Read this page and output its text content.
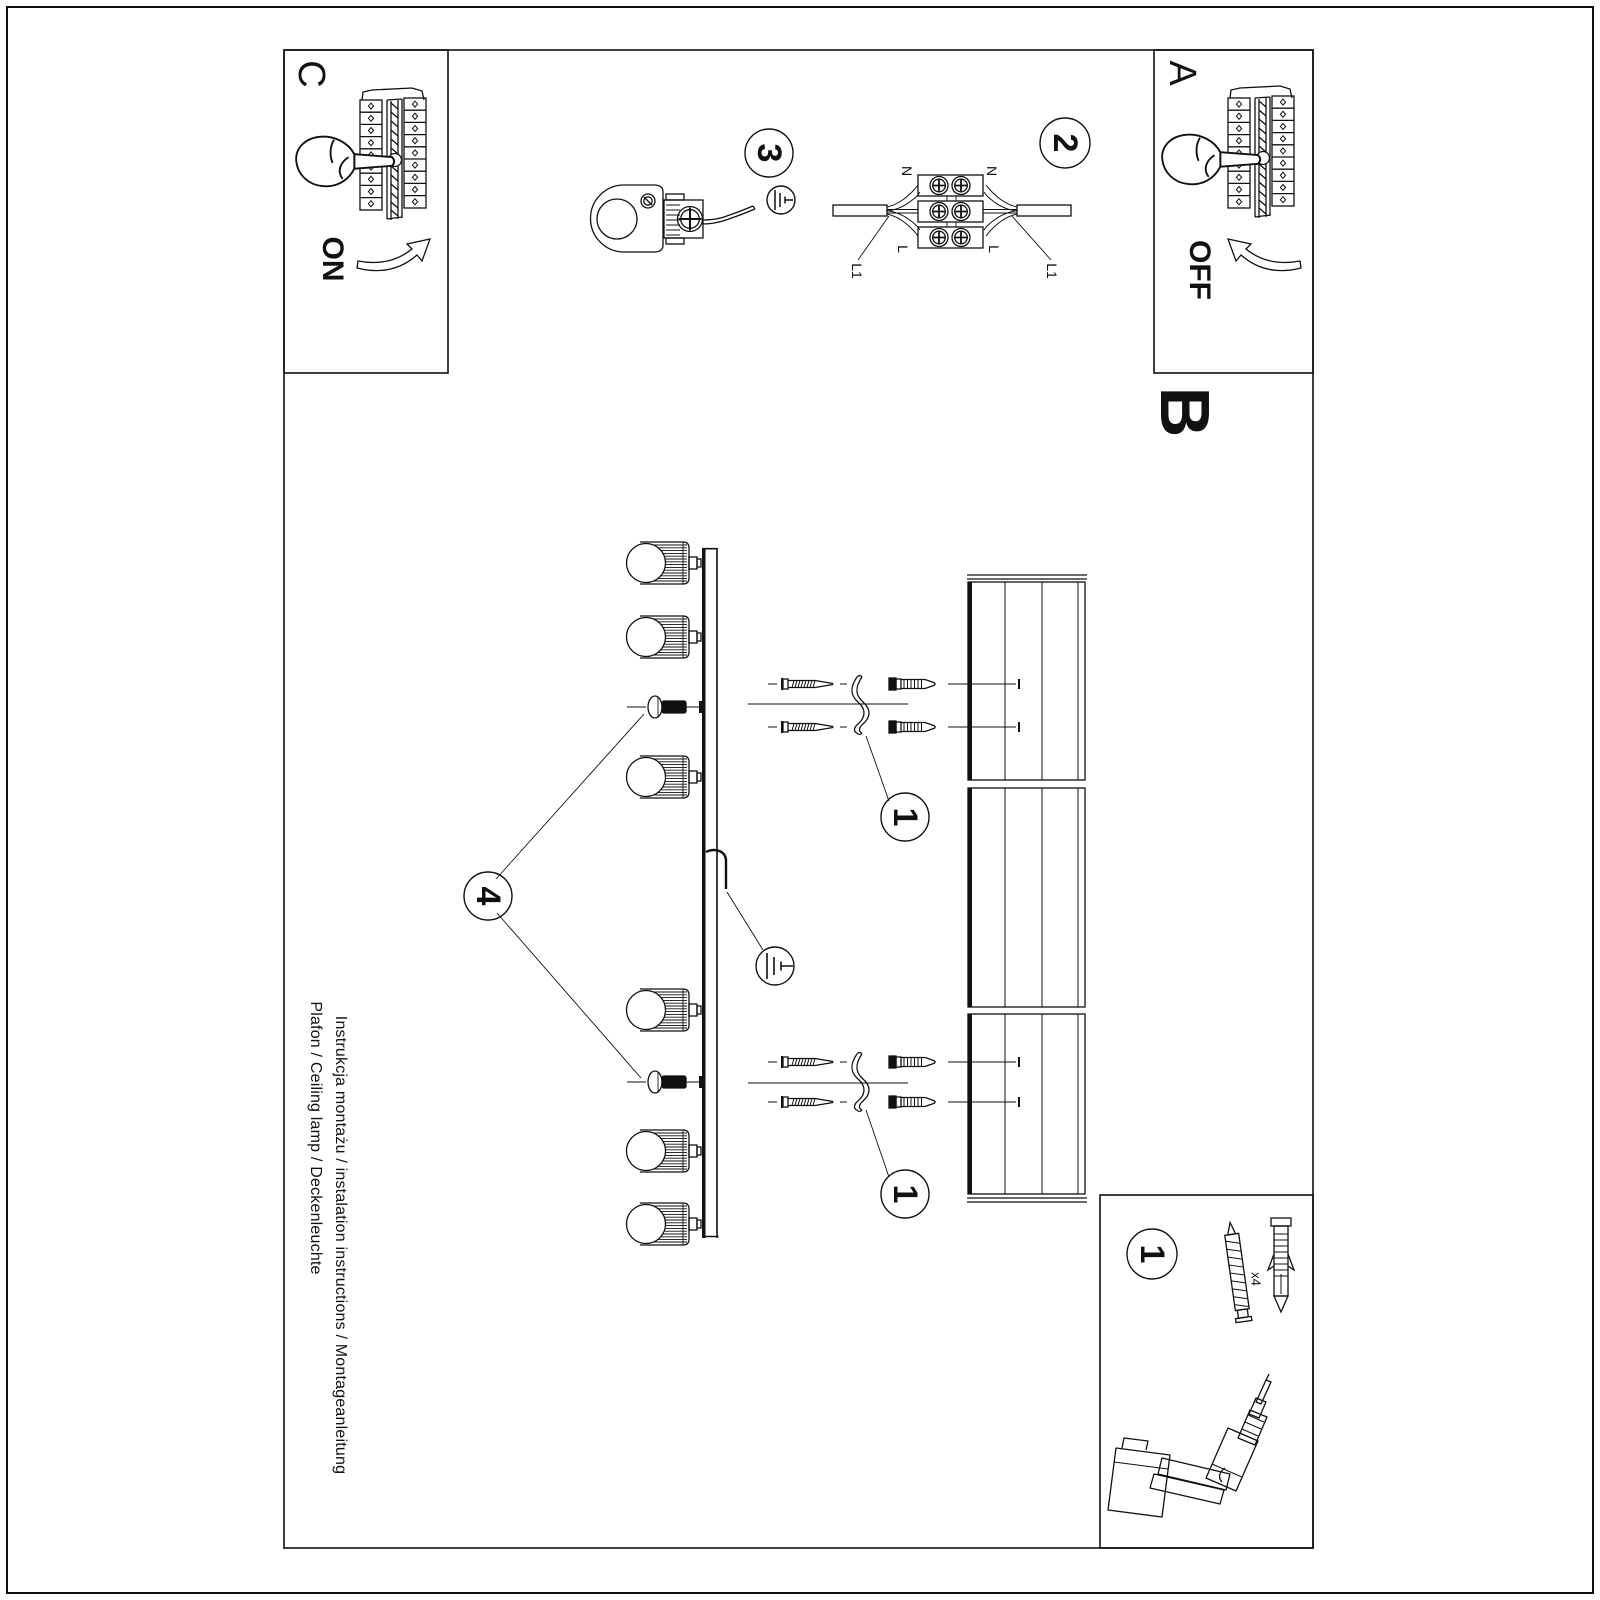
C
ON
A
OFF
B
3
2
4
1
1
1
N	N
L	L
L1	L1
x4
Instrukcja montażu / instalation instructions / Montageanleitung
Plafon / Ceiling lamp / Deckenleuchte
